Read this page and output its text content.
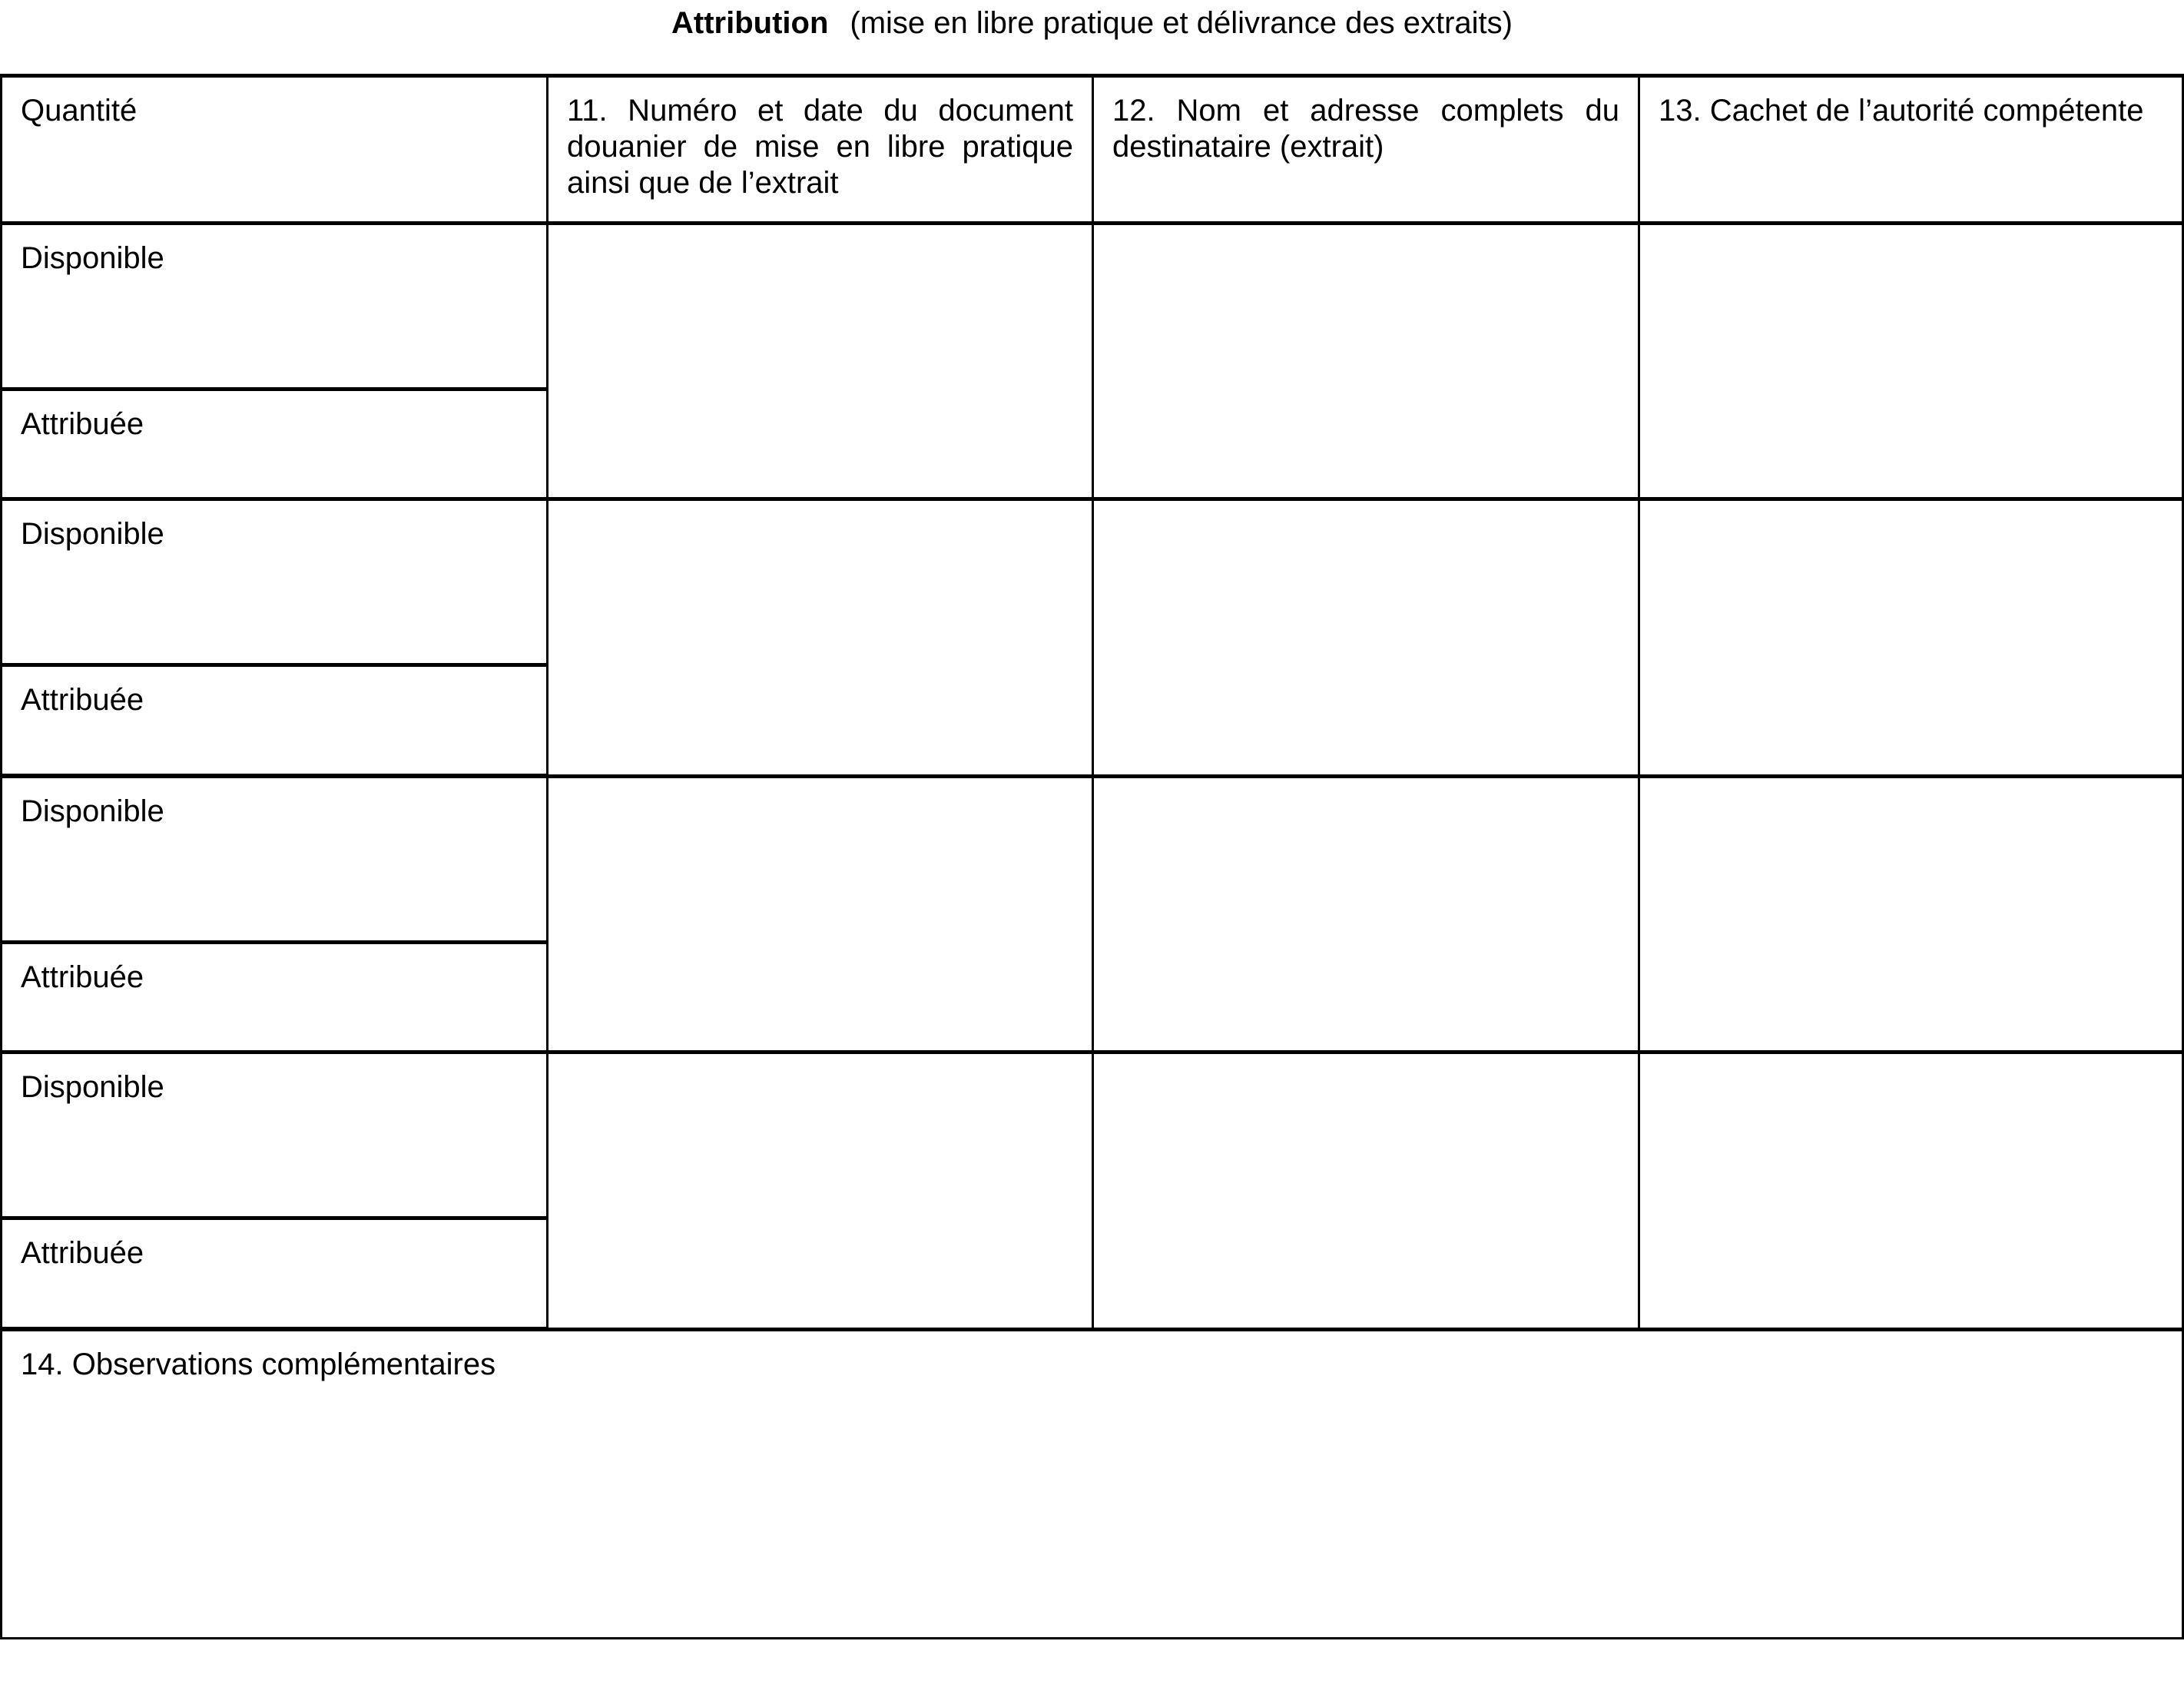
Attribution (mise en libre pratique et délivrance des extraits)
Quantité	11. Numéro et date du document douanier de mise en libre pratique ainsi que de l’extrait
12. Nom et adresse complets du destinataire (extrait)
13. Cachet de l’autorité compétente
Disponible
Attribuée
Disponible
Attribuée
Disponible
Attribuée
Disponible
Attribuée
14. Observations complémentaires
